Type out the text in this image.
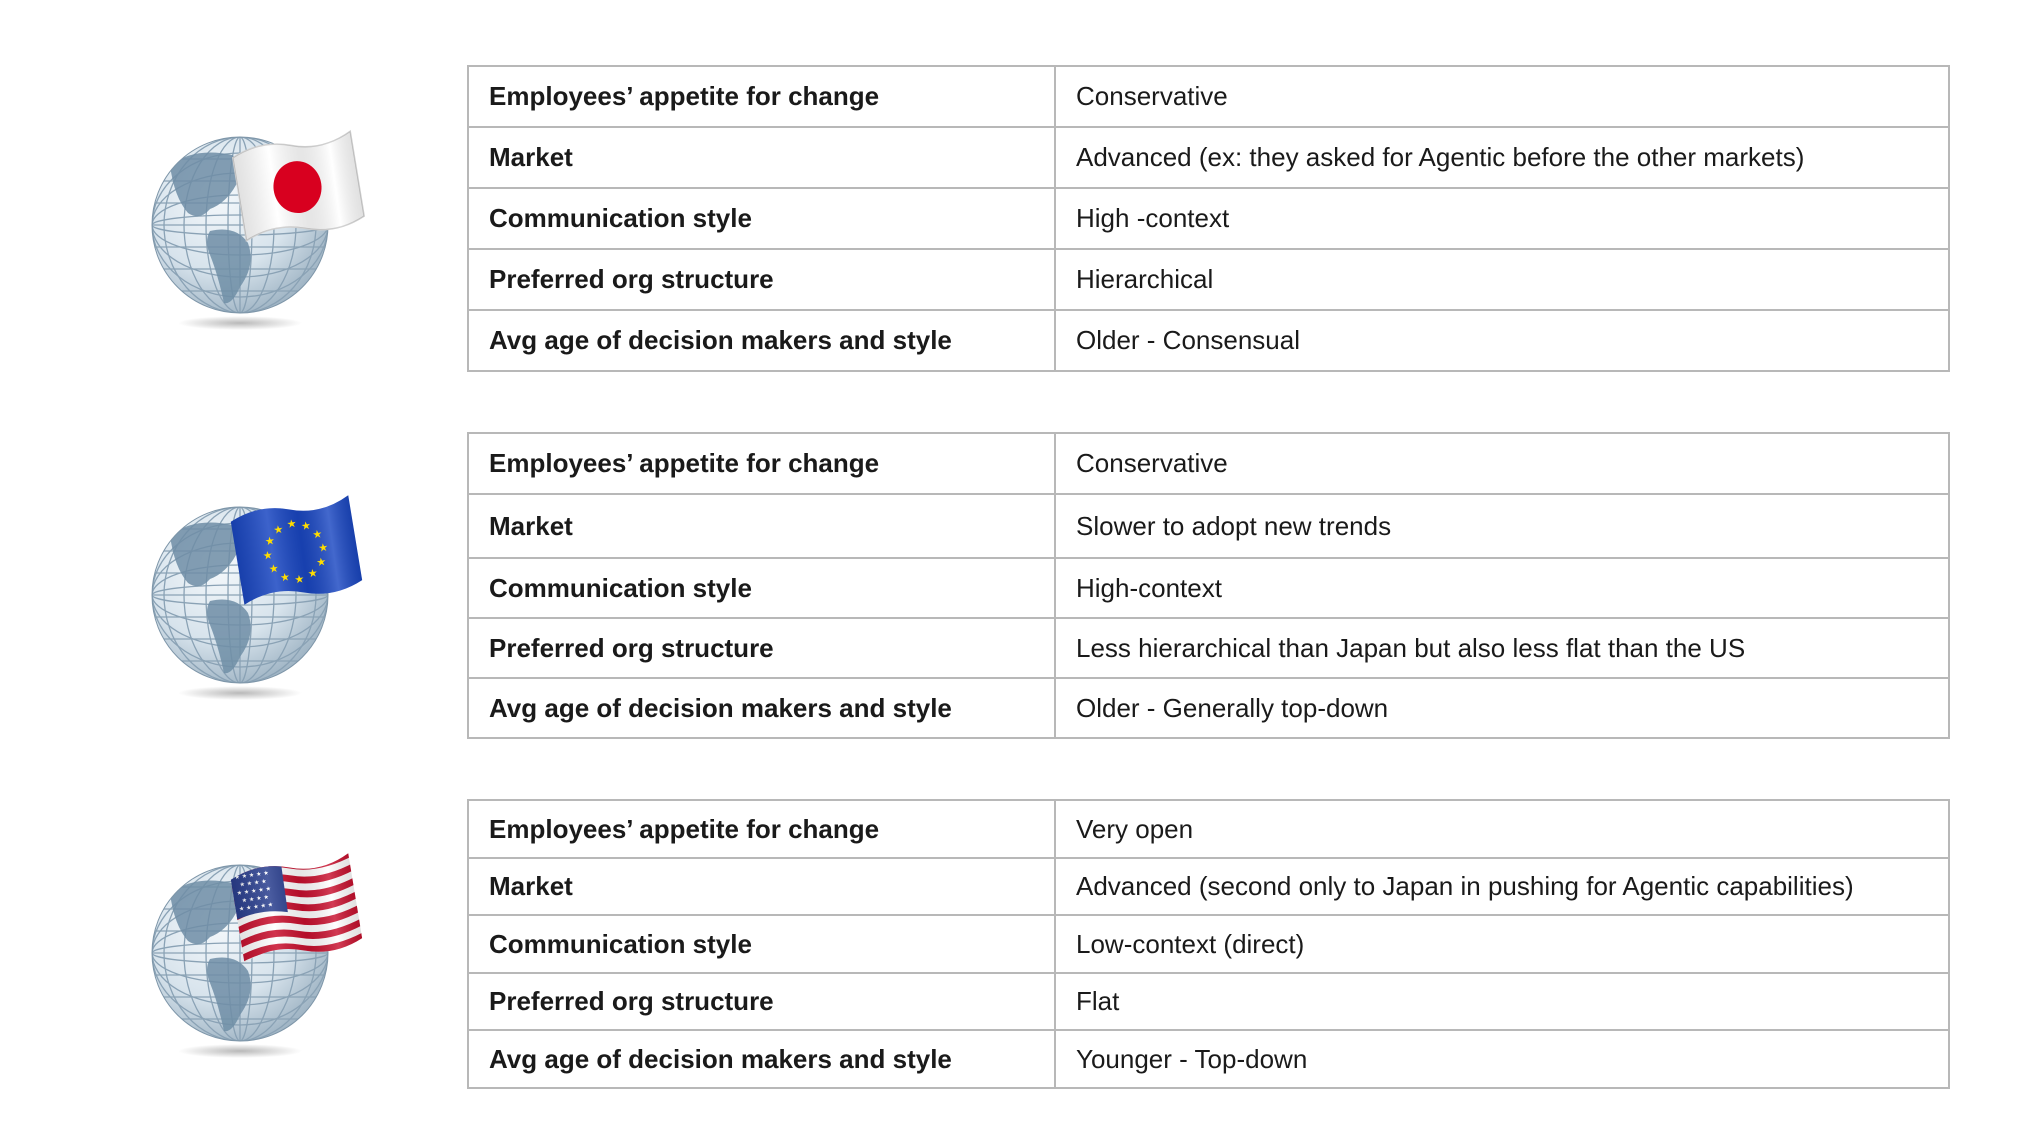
Employees’ appetite for change	Conservative
Market	Advanced (ex: they asked for Agentic before the other markets)
Communication style	High -context
Preferred org structure	Hierarchical
Avg age of decision makers and style	Older - Consensual
★ ★
★
★
★
★
★
★
★
★
★
★
Employees’ appetite for change	Conservative
Market	Slower to adopt new trends
Communication style	High-context
Preferred org structure	Less hierarchical than Japan but also less flat than the US
Avg age of decision makers and style	Older - Generally top-down
Employees’ appetite for change	Very open
Market	Advanced (second only to Japan in pushing for Agentic capabilities)
Communication style	Low-context (direct)
Preferred org structure	Flat
Avg age of decision makers and style	Younger - Top-down
